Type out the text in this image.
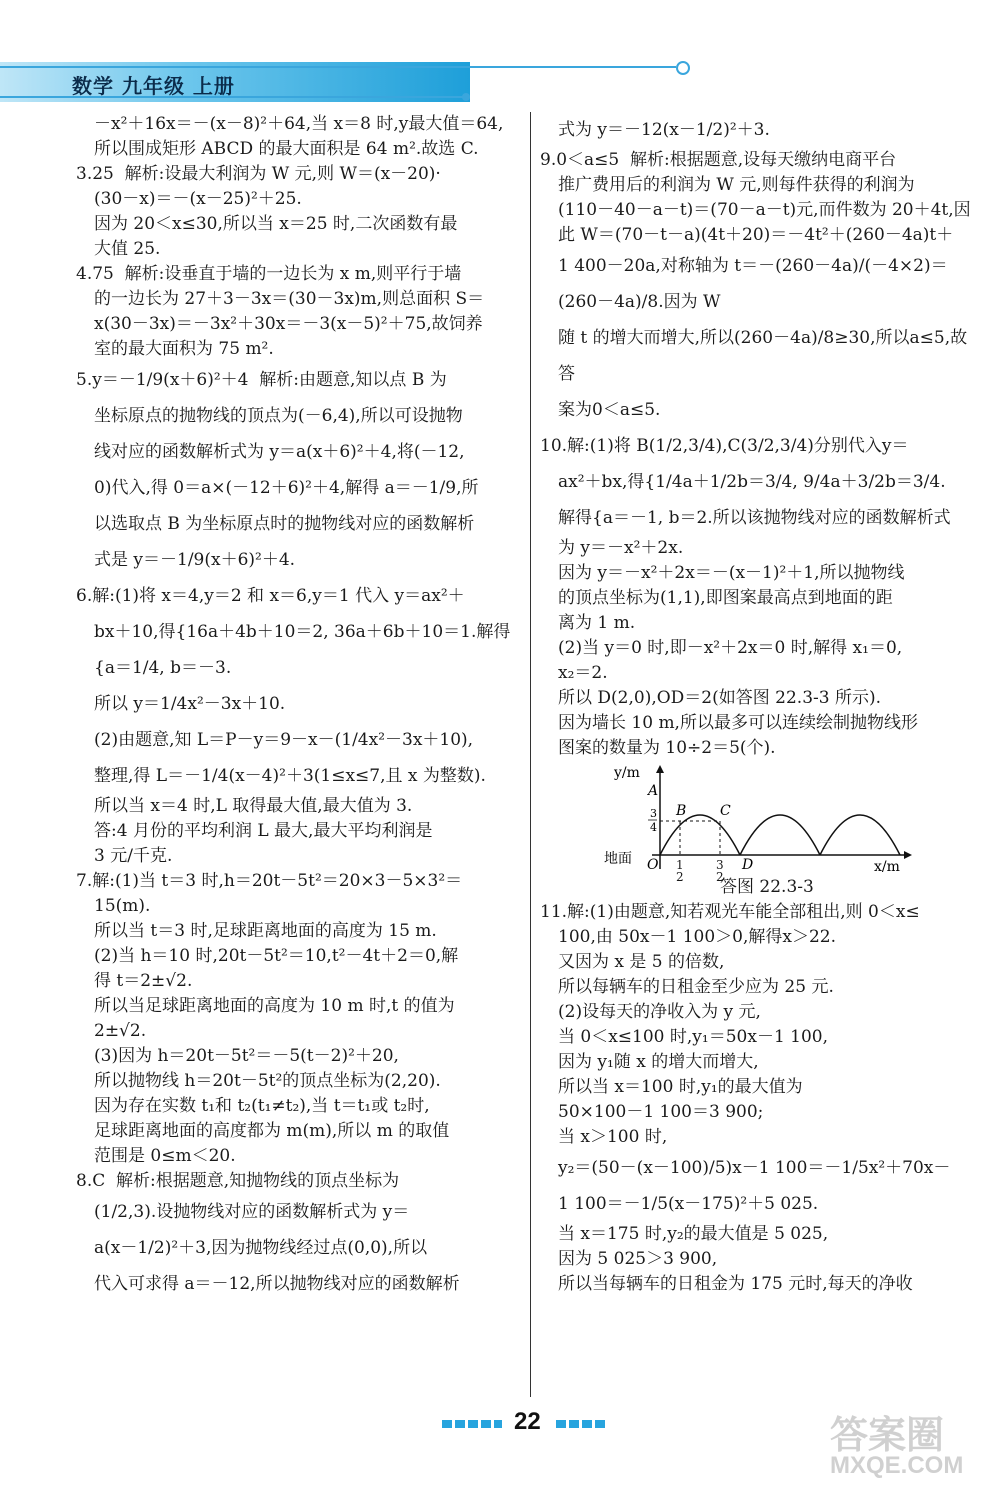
数学 九年级 上册

－x²＋16x＝－(x－8)²＋64,当 x＝8 时,y最大值＝64,

所以围成矩形 ABCD 的最大面积是 64 m².故选 C.

3.25  解析:设最大利润为 W 元,则 W＝(x－20)·

(30－x)＝－(x－25)²＋25.

因为 20＜x≤30,所以当 x＝25 时,二次函数有最

大值 25.

4.75  解析:设垂直于墙的一边长为 x m,则平行于墙

的一边长为 27＋3－3x＝(30－3x)m,则总面积 S＝

x(30－3x)＝－3x²＋30x＝－3(x－5)²＋75,故饲养

室的最大面积为 75 m².

5.y＝－1/9(x＋6)²＋4  解析:由题意,知以点 B 为

坐标原点的抛物线的顶点为(－6,4),所以可设抛物

线对应的函数解析式为 y＝a(x＋6)²＋4,将(－12,

0)代入,得 0＝a×(－12＋6)²＋4,解得 a＝－1/9,所

以选取点 B 为坐标原点时的抛物线对应的函数解析

式是 y＝－1/9(x＋6)²＋4.

6.解:(1)将 x＝4,y＝2 和 x＝6,y＝1 代入 y＝ax²＋

bx＋10,得{16a＋4b＋10＝2, 36a＋6b＋10＝1.解得{a＝1/4, b＝－3.

所以 y＝1/4x²－3x＋10.

(2)由题意,知 L＝P－y＝9－x－(1/4x²－3x＋10),

整理,得 L＝－1/4(x－4)²＋3(1≤x≤7,且 x 为整数).

所以当 x＝4 时,L 取得最大值,最大值为 3.

答:4 月份的平均利润 L 最大,最大平均利润是

3 元/千克.

7.解:(1)当 t＝3 时,h＝20t－5t²＝20×3－5×3²＝

15(m).

所以当 t＝3 时,足球距离地面的高度为 15 m.

(2)当 h＝10 时,20t－5t²＝10,t²－4t＋2＝0,解

得 t＝2±√2.

所以当足球距离地面的高度为 10 m 时,t 的值为

2±√2.

(3)因为 h＝20t－5t²＝－5(t－2)²＋20,

所以抛物线 h＝20t－5t²的顶点坐标为(2,20).

因为存在实数 t₁和 t₂(t₁≠t₂),当 t＝t₁或 t₂时,

足球距离地面的高度都为 m(m),所以 m 的取值

范围是 0≤m＜20.

8.C  解析:根据题意,知抛物线的顶点坐标为

(1/2,3).设抛物线对应的函数解析式为 y＝

a(x－1/2)²＋3,因为抛物线经过点(0,0),所以

代入可求得 a＝－12,所以抛物线对应的函数解析

式为 y＝－12(x－1/2)²＋3.

9.0＜a≤5  解析:根据题意,设每天缴纳电商平台

推广费用后的利润为 W 元,则每件获得的利润为

(110－40－a－t)＝(70－a－t)元,而件数为 20＋4t,因

此 W＝(70－t－a)(4t＋20)＝－4t²＋(260－4a)t＋

1 400－20a,对称轴为 t＝－(260－4a)/(－4×2)＝(260－4a)/8.因为 W

随 t 的增大而增大,所以(260－4a)/8≥30,所以a≤5,故答

案为0＜a≤5.

10.解:(1)将 B(1/2,3/4),C(3/2,3/4)分别代入y＝

ax²＋bx,得{1/4a＋1/2b＝3/4, 9/4a＋3/2b＝3/4.

解得{a＝－1, b＝2.所以该抛物线对应的函数解析式

为 y＝－x²＋2x.

因为 y＝－x²＋2x＝－(x－1)²＋1,所以抛物线

的顶点坐标为(1,1),即图案最高点到地面的距

离为 1 m.

(2)当 y＝0 时,即－x²＋2x＝0 时,解得 x₁＝0,

x₂＝2.

所以 D(2,0),OD＝2(如答图 22.3-3 所示).

因为墙长 10 m,所以最多可以连续绘制抛物线形

图案的数量为 10÷2＝5(个).

y/m
x/m
A
B C
D
O
3
4
地面	1
2
3
2

答图 22.3-3

11.解:(1)由题意,知若观光车能全部租出,则 0＜x≤

100,由 50x－1 100＞0,解得x＞22.

又因为 x 是 5 的倍数,

所以每辆车的日租金至少应为 25 元.

(2)设每天的净收入为 y 元,

当 0＜x≤100 时,y₁＝50x－1 100,

因为 y₁随 x 的增大而增大,

所以当 x＝100 时,y₁的最大值为

50×100－1 100＝3 900;

当 x＞100 时,

y₂＝(50－(x－100)/5)x－1 100＝－1/5x²＋70x－

1 100＝－1/5(x－175)²＋5 025.

当 x＝175 时,y₂的最大值是 5 025,

因为 5 025＞3 900,

所以当每辆车的日租金为 175 元时,每天的净收

22	答案圈
MXQE.COM
